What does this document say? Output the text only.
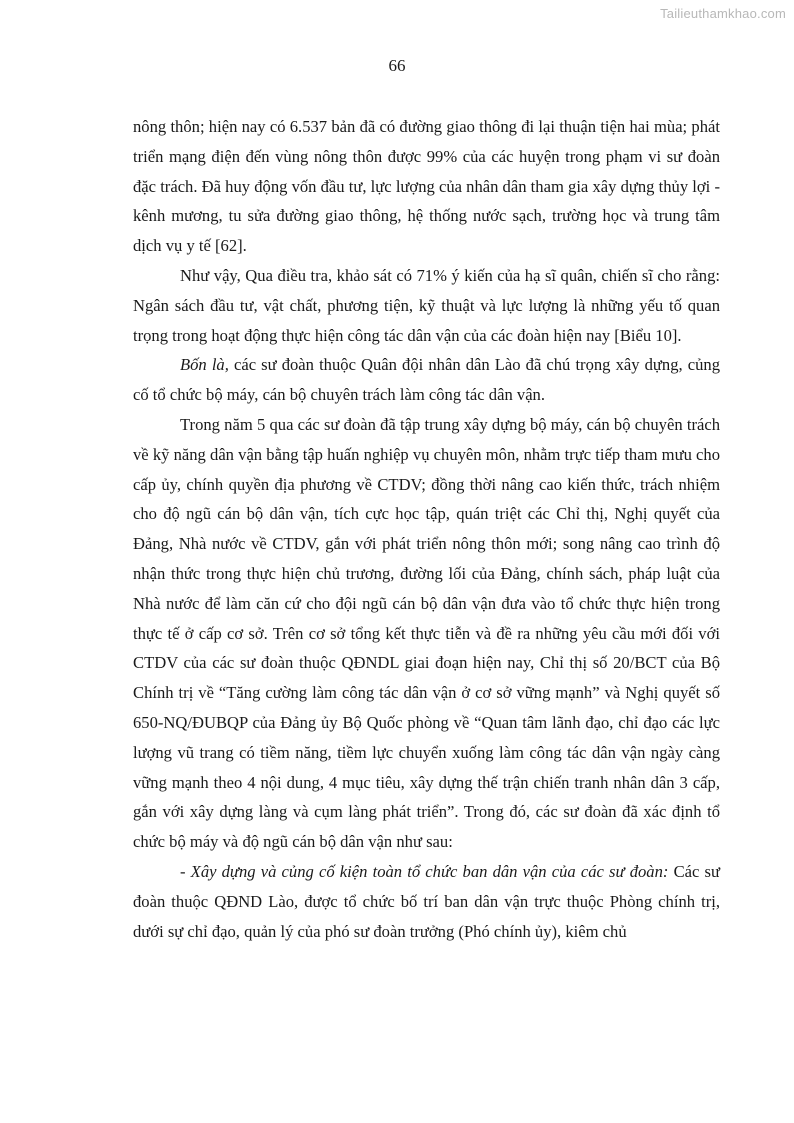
Tailieuthamkhao.com
66

nông thôn; hiện nay có 6.537 bản đã có đường giao thông đi lại thuận tiện hai mùa; phát triển mạng điện đến vùng nông thôn được 99% của các huyện trong phạm vi sư đoàn đặc trách. Đã huy động vốn đầu tư, lực lượng của nhân dân tham gia xây dựng thủy lợi - kênh mương, tu sửa đường giao thông, hệ thống nước sạch, trường học và trung tâm dịch vụ y tế [62].

Như vậy, Qua điều tra, khảo sát có 71% ý kiến của hạ sĩ quân, chiến sĩ cho rằng: Ngân sách đầu tư, vật chất, phương tiện, kỹ thuật và lực lượng là những yếu tố quan trọng trong hoạt động thực hiện công tác dân vận của các đoàn hiện nay [Biểu 10].

Bốn là, các sư đoàn thuộc Quân đội nhân dân Lào đã chú trọng xây dựng, củng cố tổ chức bộ máy, cán bộ chuyên trách làm công tác dân vận.

Trong năm 5 qua các sư đoàn đã tập trung xây dựng bộ máy, cán bộ chuyên trách về kỹ năng dân vận bằng tập huấn nghiệp vụ chuyên môn, nhằm trực tiếp tham mưu cho cấp ủy, chính quyền địa phương về CTDV; đồng thời nâng cao kiến thức, trách nhiệm cho độ ngũ cán bộ dân vận, tích cực học tập, quán triệt các Chỉ thị, Nghị quyết của Đảng, Nhà nước về CTDV, gắn với phát triển nông thôn mới; song nâng cao trình độ nhận thức trong thực hiện chủ trương, đường lối của Đảng, chính sách, pháp luật của Nhà nước để làm căn cứ cho đội ngũ cán bộ dân vận đưa vào tổ chức thực hiện trong thực tế ở cấp cơ sở. Trên cơ sở tổng kết thực tiễn và đề ra những yêu cầu mới đối với CTDV của các sư đoàn thuộc QĐNDL giai đoạn hiện nay, Chỉ thị số 20/BCT của Bộ Chính trị về “Tăng cường làm công tác dân vận ở cơ sở vững mạnh” và Nghị quyết số 650-NQ/ĐUBQP của Đảng ủy Bộ Quốc phòng về “Quan tâm lãnh đạo, chỉ đạo các lực lượng vũ trang có tiềm năng, tiềm lực chuyển xuống làm công tác dân vận ngày càng vững mạnh theo 4 nội dung, 4 mục tiêu, xây dựng thế trận chiến tranh nhân dân 3 cấp, gắn với xây dựng làng và cụm làng phát triển”. Trong đó, các sư đoàn đã xác định tổ chức bộ máy và độ ngũ cán bộ dân vận như sau:

- Xây dựng và củng cố kiện toàn tổ chức ban dân vận của các sư đoàn: Các sư đoàn thuộc QĐND Lào, được tổ chức bố trí ban dân vận trực thuộc Phòng chính trị, dưới sự chỉ đạo, quản lý của phó sư đoàn trưởng (Phó chính ủy), kiêm chủ
